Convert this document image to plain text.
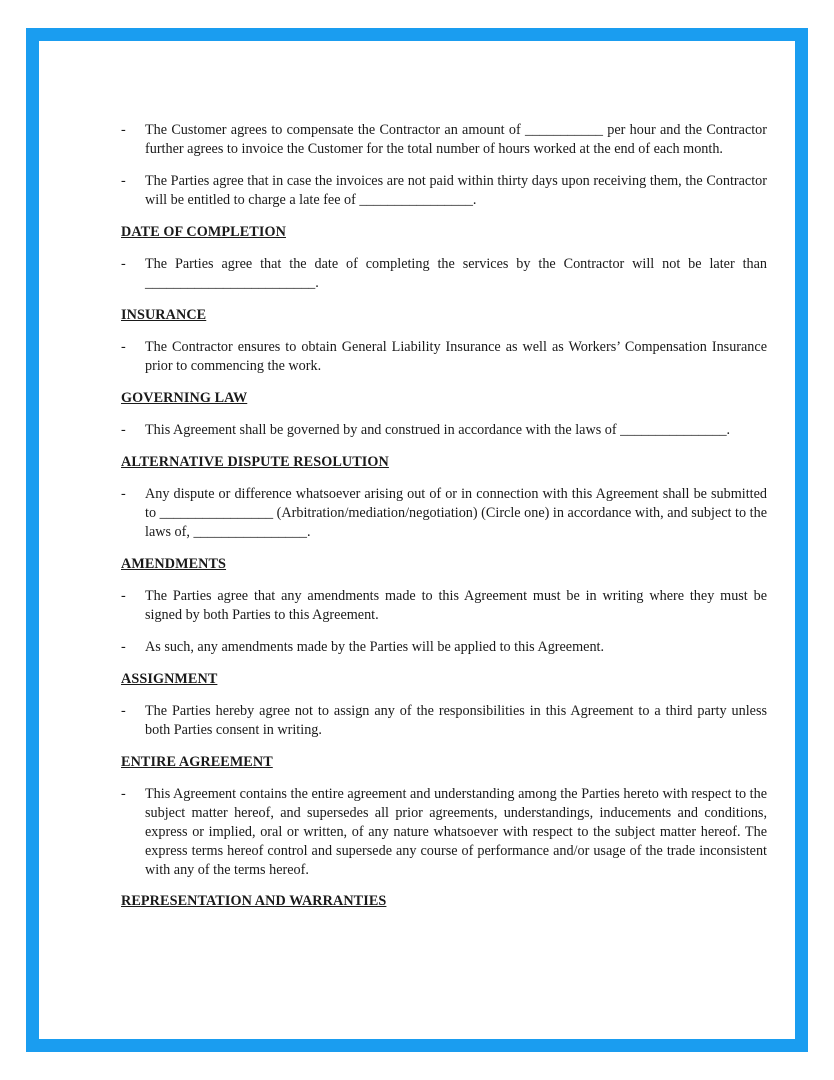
- The Customer agrees to compensate the Contractor an amount of ___________ per hour and the Contractor further agrees to invoice the Customer for the total number of hours worked at the end of each month.
- The Parties agree that in case the invoices are not paid within thirty days upon receiving them, the Contractor will be entitled to charge a late fee of ________________.
DATE OF COMPLETION
- The Parties agree that the date of completing the services by the Contractor will not be later than ________________________.
INSURANCE
- The Contractor ensures to obtain General Liability Insurance as well as Workers’ Compensation Insurance prior to commencing the work.
GOVERNING LAW
- This Agreement shall be governed by and construed in accordance with the laws of _______________.
ALTERNATIVE DISPUTE RESOLUTION
- Any dispute or difference whatsoever arising out of or in connection with this Agreement shall be submitted to ________________ (Arbitration/mediation/negotiation) (Circle one) in accordance with, and subject to the laws of, ________________.
AMENDMENTS
- The Parties agree that any amendments made to this Agreement must be in writing where they must be signed by both Parties to this Agreement.
- As such, any amendments made by the Parties will be applied to this Agreement.
ASSIGNMENT
- The Parties hereby agree not to assign any of the responsibilities in this Agreement to a third party unless both Parties consent in writing.
ENTIRE AGREEMENT
- This Agreement contains the entire agreement and understanding among the Parties hereto with respect to the subject matter hereof, and supersedes all prior agreements, understandings, inducements and conditions, express or implied, oral or written, of any nature whatsoever with respect to the subject matter hereof. The express terms hereof control and supersede any course of performance and/or usage of the trade inconsistent with any of the terms hereof.
REPRESENTATION AND WARRANTIES
